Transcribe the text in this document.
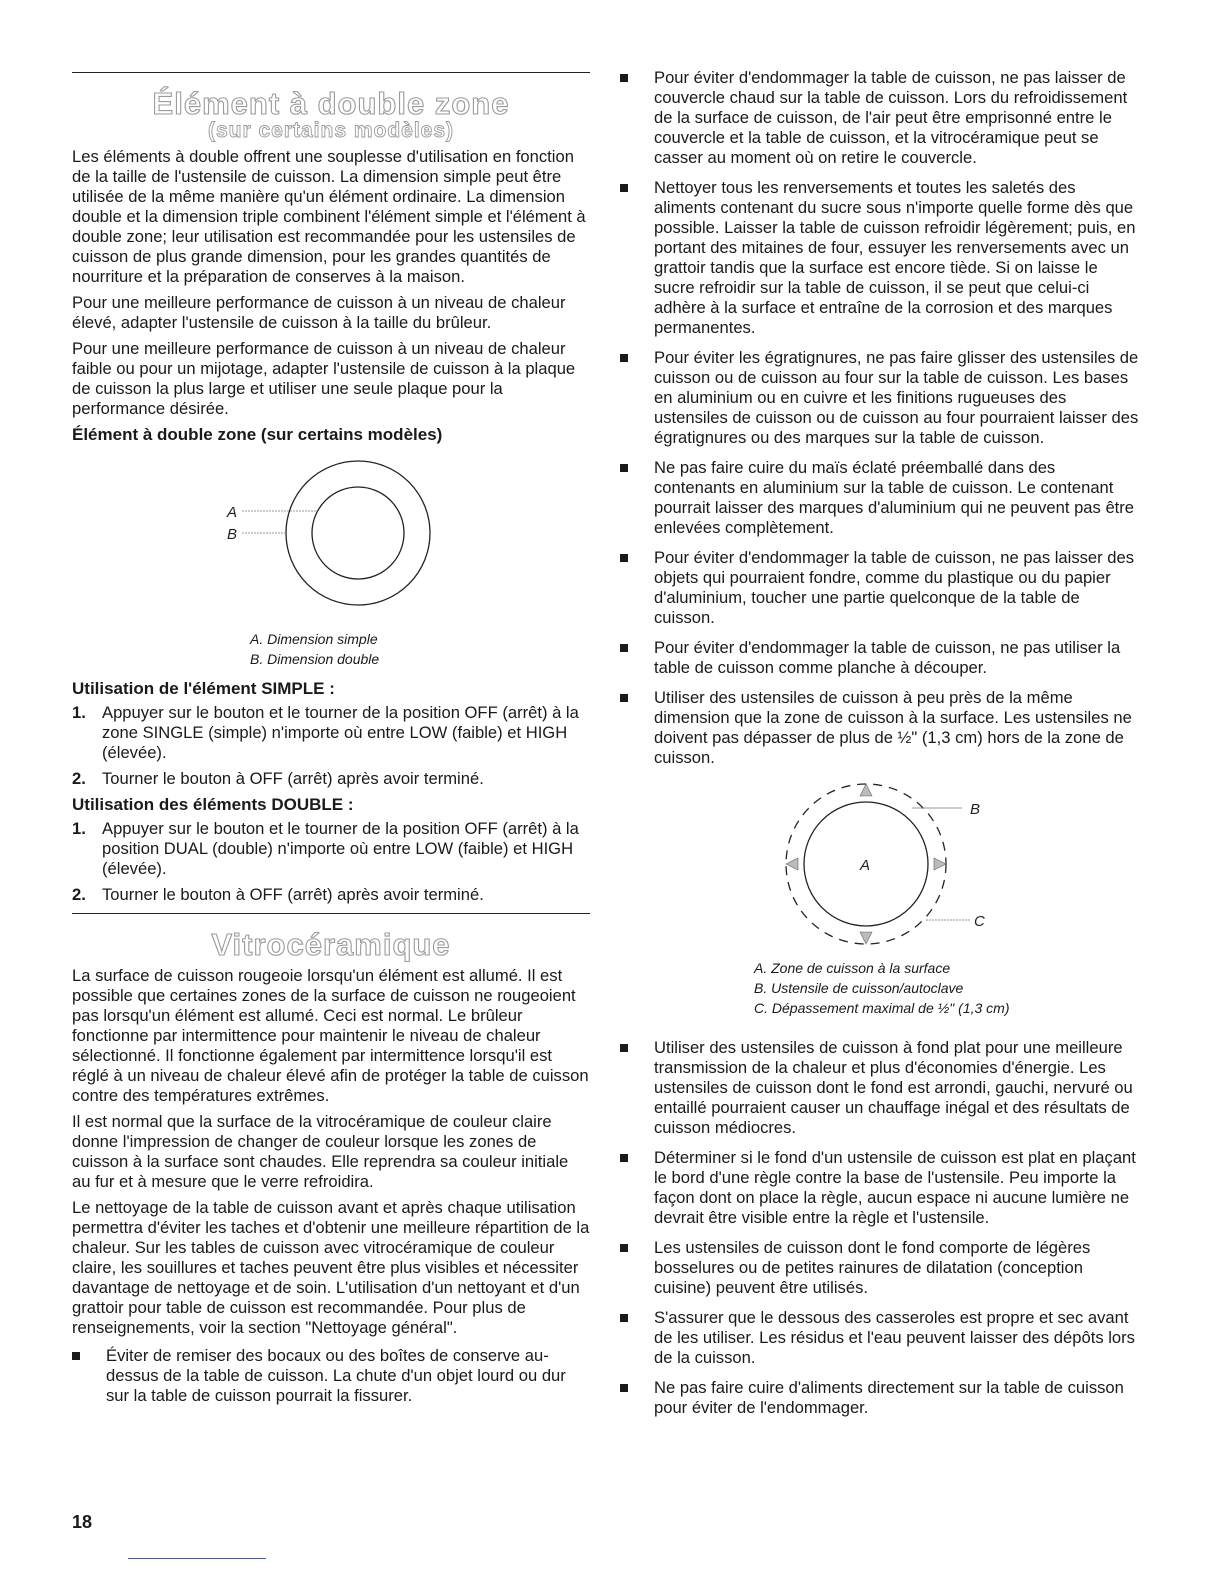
Élément à double zone
(sur certains modèles)

Les éléments à double offrent une souplesse d'utilisation en fonction de la taille de l'ustensile de cuisson. La dimension simple peut être utilisée de la même manière qu'un élément ordinaire. La dimension double et la dimension triple combinent l'élément simple et l'élément à double zone; leur utilisation est recommandée pour les ustensiles de cuisson de plus grande dimension, pour les grandes quantités de nourriture et la préparation de conserves à la maison.

Pour une meilleure performance de cuisson à un niveau de chaleur élevé, adapter l'ustensile de cuisson à la taille du brûleur.

Pour une meilleure performance de cuisson à un niveau de chaleur faible ou pour un mijotage, adapter l'ustensile de cuisson à la plaque de cuisson la plus large et utiliser une seule plaque pour la performance désirée.

Élément à double zone (sur certains modèles)
A
B
A. Dimension simple
B. Dimension double
Utilisation de l'élément SIMPLE :
1. Appuyer sur le bouton et le tourner de la position OFF (arrêt) à la zone SINGLE (simple) n'importe où entre LOW (faible) et HIGH (élevée).
2. Tourner le bouton à OFF (arrêt) après avoir terminé.
Utilisation des éléments DOUBLE :
1. Appuyer sur le bouton et le tourner de la position OFF (arrêt) à la position DUAL (double) n'importe où entre LOW (faible) et HIGH (élevée).
2. Tourner le bouton à OFF (arrêt) après avoir terminé.
Vitrocéramique

La surface de cuisson rougeoie lorsqu'un élément est allumé. Il est possible que certaines zones de la surface de cuisson ne rougeoient pas lorsqu'un élément est allumé. Ceci est normal. Le brûleur fonctionne par intermittence pour maintenir le niveau de chaleur sélectionné. Il fonctionne également par intermittence lorsqu'il est réglé à un niveau de chaleur élevé afin de protéger la table de cuisson contre des températures extrêmes.

Il est normal que la surface de la vitrocéramique de couleur claire donne l'impression de changer de couleur lorsque les zones de cuisson à la surface sont chaudes. Elle reprendra sa couleur initiale au fur et à mesure que le verre refroidira.

Le nettoyage de la table de cuisson avant et après chaque utilisation permettra d'éviter les taches et d'obtenir une meilleure répartition de la chaleur. Sur les tables de cuisson avec vitrocéramique de couleur claire, les souillures et taches peuvent être plus visibles et nécessiter davantage de nettoyage et de soin. L'utilisation d'un nettoyant et d'un grattoir pour table de cuisson est recommandée. Pour plus de renseignements, voir la section "Nettoyage général".

Éviter de remiser des bocaux ou des boîtes de conserve au-dessus de la table de cuisson. La chute d'un objet lourd ou dur sur la table de cuisson pourrait la fissurer.
Pour éviter d'endommager la table de cuisson, ne pas laisser de couvercle chaud sur la table de cuisson. Lors du refroidissement de la surface de cuisson, de l'air peut être emprisonné entre le couvercle et la table de cuisson, et la vitrocéramique peut se casser au moment où on retire le couvercle.
Nettoyer tous les renversements et toutes les saletés des aliments contenant du sucre sous n'importe quelle forme dès que possible. Laisser la table de cuisson refroidir légèrement; puis, en portant des mitaines de four, essuyer les renversements avec un grattoir tandis que la surface est encore tiède. Si on laisse le sucre refroidir sur la table de cuisson, il se peut que celui-ci adhère à la surface et entraîne de la corrosion et des marques permanentes.
Pour éviter les égratignures, ne pas faire glisser des ustensiles de cuisson ou de cuisson au four sur la table de cuisson. Les bases en aluminium ou en cuivre et les finitions rugueuses des ustensiles de cuisson ou de cuisson au four pourraient laisser des égratignures ou des marques sur la table de cuisson.
Ne pas faire cuire du maïs éclaté préemballé dans des contenants en aluminium sur la table de cuisson. Le contenant pourrait laisser des marques d'aluminium qui ne peuvent pas être enlevées complètement.
Pour éviter d'endommager la table de cuisson, ne pas laisser des objets qui pourraient fondre, comme du plastique ou du papier d'aluminium, toucher une partie quelconque de la table de cuisson.
Pour éviter d'endommager la table de cuisson, ne pas utiliser la table de cuisson comme planche à découper.
Utiliser des ustensiles de cuisson à peu près de la même dimension que la zone de cuisson à la surface. Les ustensiles ne doivent pas dépasser de plus de ½" (1,3 cm) hors de la zone de cuisson.
A
B
C
A. Zone de cuisson à la surface
B. Ustensile de cuisson/autoclave
C. Dépassement maximal de ½" (1,3 cm)
Utiliser des ustensiles de cuisson à fond plat pour une meilleure transmission de la chaleur et plus d'économies d'énergie. Les ustensiles de cuisson dont le fond est arrondi, gauchi, nervuré ou entaillé pourraient causer un chauffage inégal et des résultats de cuisson médiocres.
Déterminer si le fond d'un ustensile de cuisson est plat en plaçant le bord d'une règle contre la base de l'ustensile. Peu importe la façon dont on place la règle, aucun espace ni aucune lumière ne devrait être visible entre la règle et l'ustensile.
Les ustensiles de cuisson dont le fond comporte de légères bosselures ou de petites rainures de dilatation (conception cuisine) peuvent être utilisés.
S'assurer que le dessous des casseroles est propre et sec avant de les utiliser. Les résidus et l'eau peuvent laisser des dépôts lors de la cuisson.
Ne pas faire cuire d'aliments directement sur la table de cuisson pour éviter de l'endommager.
18
